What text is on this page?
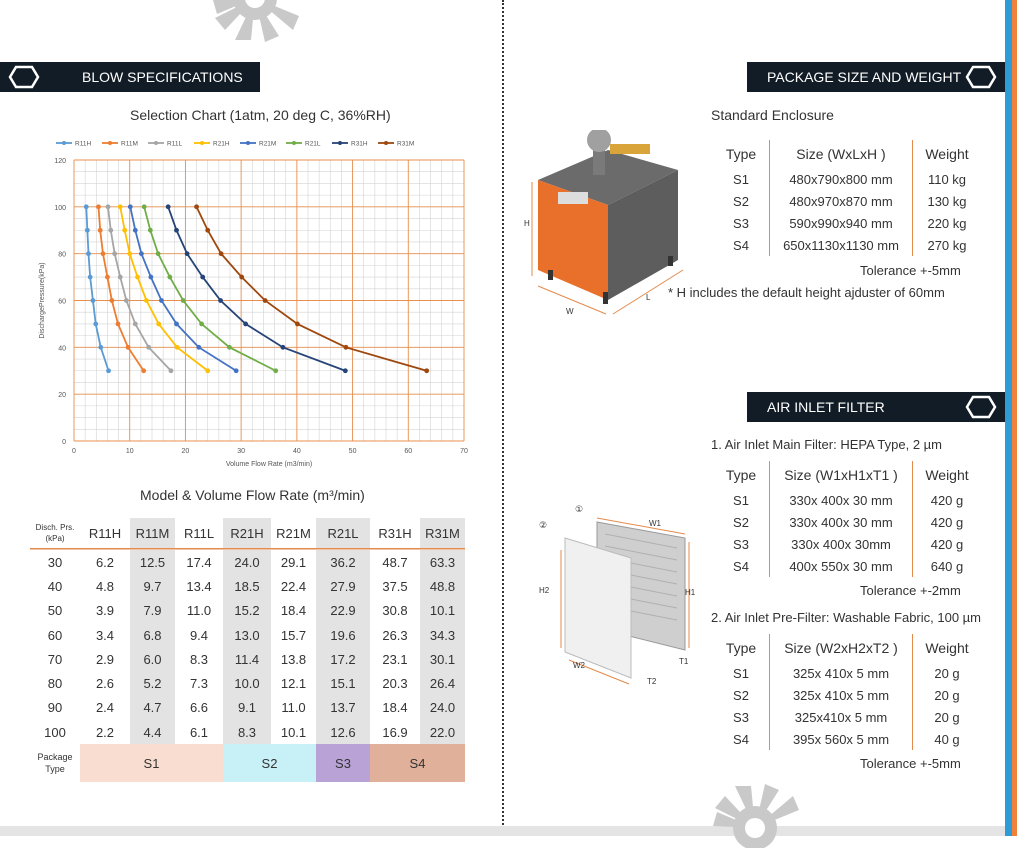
BLOW SPECIFICATIONS
Selection Chart (1atm, 20 deg C, 36%RH)
0	10	20	30	40	50	60	70
0
20
40
60
80
100
120
Volume Flow Rate (m3/min)
DischargePressure(kPa)
R11H	R11M	R11L	R21H	R21M	R21L	R31H	R31M
Model & Volume Flow Rate (m³/min)
Disch. Prs.
(kPa)	R11H	R11M	R11L	R21H	R21M	R21L	R31H	R31M

30	6.2	12.5	17.4	24.0	29.1	36.2	48.7	63.3
40	4.8	9.7	13.4	18.5	22.4	27.9	37.5	48.8
50	3.9	7.9	11.0	15.2	18.4	22.9	30.8	10.1
60	3.4	6.8	9.4	13.0	15.7	19.6	26.3	34.3
70	2.9	6.0	8.3	11.4	13.8	17.2	23.1	30.1
80	2.6	5.2	7.3	10.0	12.1	15.1	20.3	26.4
90	2.4	4.7	6.6	9.1	11.0	13.7	18.4	24.0
100	2.2	4.4	6.1	8.3	10.1	12.6	16.9	22.0

Package
Type	S1			S2		S3	S4	
PACKAGE SIZE AND WEIGHT
Standard Enclosure
H
W
L
Type	Size (WxLxH )	Weight
S1	480x790x800 mm	110 kg
S2	480x970x870 mm	130 kg
S3	590x990x940 mm	220 kg
S4	650x1130x1130 mm	270 kg
Tolerance +-5mm
* H includes the default height ajduster of 60mm
AIR INLET FILTER
1. Air Inlet Main Filter: HEPA Type, 2 µm
H2
W2
W1
H1
T1
T2
①
②
Type	Size (W1xH1xT1 )	Weight
S1	330x 400x 30 mm	420 g
S2	330x 400x 30 mm	420 g
S3	330x 400x 30mm	420 g
S4	400x 550x 30 mm	640 g
Tolerance +-2mm
2. Air Inlet Pre-Filter: Washable Fabric, 100 µm
Type	Size (W2xH2xT2 )	Weight
S1	325x 410x 5 mm	20 g
S2	325x 410x 5 mm	20 g
S3	325x410x 5 mm	20 g
S4	395x 560x 5 mm	40 g
Tolerance +-5mm
